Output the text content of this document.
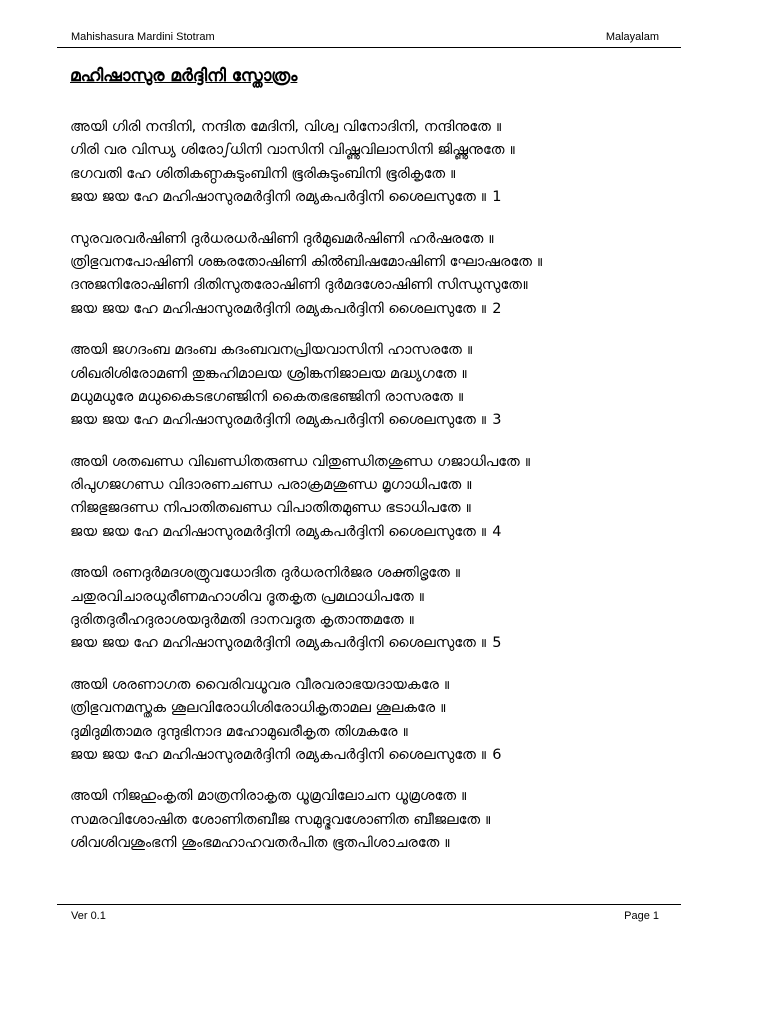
Mahishasura Mardini Stotram	Malayalam
മഹിഷാസുര മർദ്ദിനി സ്തോത്രം
അയി ഗിരി നന്ദിനി, നന്ദിത മേദിനി, വിശ്വ വിനോദിനി, നന്ദിനുതേ ॥
ഗിരി വര വിന്ധ്യ ശിരോഽധിനി വാസിനി വിഷ്ണുവിലാസിനി ജിഷ്ണുനുതേ ॥
ഭഗവതി ഹേ ശിതികണ്ഠകുടുംബിനി ഭൂരികുടുംബിനി ഭൂരികൃതേ ॥
ജയ ജയ ഹേ മഹിഷാസുരമർദ്ദിനി രമ്യകപർദ്ദിനി ശൈലസുതേ ॥ 1
സുരവരവർഷിണി ദുർധരധർഷിണി ദുർമുഖമർഷിണി ഹർഷരതേ ॥
ത്രിഭുവനപോഷിണി ശങ്കരതോഷിണി കിൽബിഷമോഷിണി ഘോഷരതേ ॥
ദനുജനിരോഷിണി ദിതിസുതരോഷിണി ദുർമദശോഷിണി സിന്ധുസുതേ॥
ജയ ജയ ഹേ മഹിഷാസുരമർദ്ദിനി രമ്യകപർദ്ദിനി ശൈലസുതേ ॥ 2
അയി ജഗദംബ മദംബ കദംബവനപ്രിയവാസിനി ഹാസരതേ ॥
ശിഖരിശിരോമണി തുങ്കഹിമാലയ ശ്രിങ്കനിജാലയ മദ്ധ്യഗതേ ॥
മധുമധുരേ മധുകൈടഭഗഞ്ജിനി കൈതഭഭഞ്ജിനി രാസരതേ ॥
ജയ ജയ ഹേ മഹിഷാസുരമർദ്ദിനി രമ്യകപർദ്ദിനി ശൈലസുതേ ॥ 3
അയി ശതഖണ്ഡ വിഖണ്ഡിതരുണ്ഡ വിതുണ്ഡിതശുണ്ഡ ഗജാധിപതേ ॥
രിപുഗജഗണ്ഡ വിദാരണചണ്ഡ പരാക്രമശുണ്ഡ മൃഗാധിപതേ ॥
നിജഭുജദണ്ഡ നിപാതിതഖണ്ഡ വിപാതിതമുണ്ഡ ഭടാധിപതേ ॥
ജയ ജയ ഹേ മഹിഷാസുരമർദ്ദിനി രമ്യകപർദ്ദിനി ശൈലസുതേ ॥ 4
അയി രണദുർമദശത്രുവധോദിത ദുർധരനിർജര ശക്തിഭൃതേ ॥
ചതുരവിചാരധുരീണമഹാശിവ ദൂതകൃത പ്രമഥാധിപതേ ॥
ദുരിതദുരീഹദുരാശയദുർമതി ദാനവദൂത കൃതാന്തമതേ ॥
ജയ ജയ ഹേ മഹിഷാസുരമർദ്ദിനി രമ്യകപർദ്ദിനി ശൈലസുതേ ॥ 5
അയി ശരണാഗത വൈരിവധൂവര വീരവരാഭയദായകരേ ॥
ത്രിഭുവനമസ്തക ശൂലവിരോധിശിരോധികൃതാമല ശൂലകരേ ॥
ദുമിദുമിതാമര ദുന്ദുഭിനാദ മഹോമുഖരീകൃത തിഗ്മകരേ ॥
ജയ ജയ ഹേ മഹിഷാസുരമർദ്ദിനി രമ്യകപർദ്ദിനി ശൈലസുതേ ॥ 6
അയി നിജഹുംകൃതി മാത്രനിരാകൃത ധൂമ്രവിലോചന ധൂമ്രശതേ ॥
സമരവിശോഷിത ശോണിതബീജ സമുദ്ഭവശോണിത ബീജലതേ ॥
ശിവശിവശുംഭനി ശുംഭമഹാഹവതർപിത ഭൂതപിശാചരതേ ॥
Ver 0.1	Page 1
